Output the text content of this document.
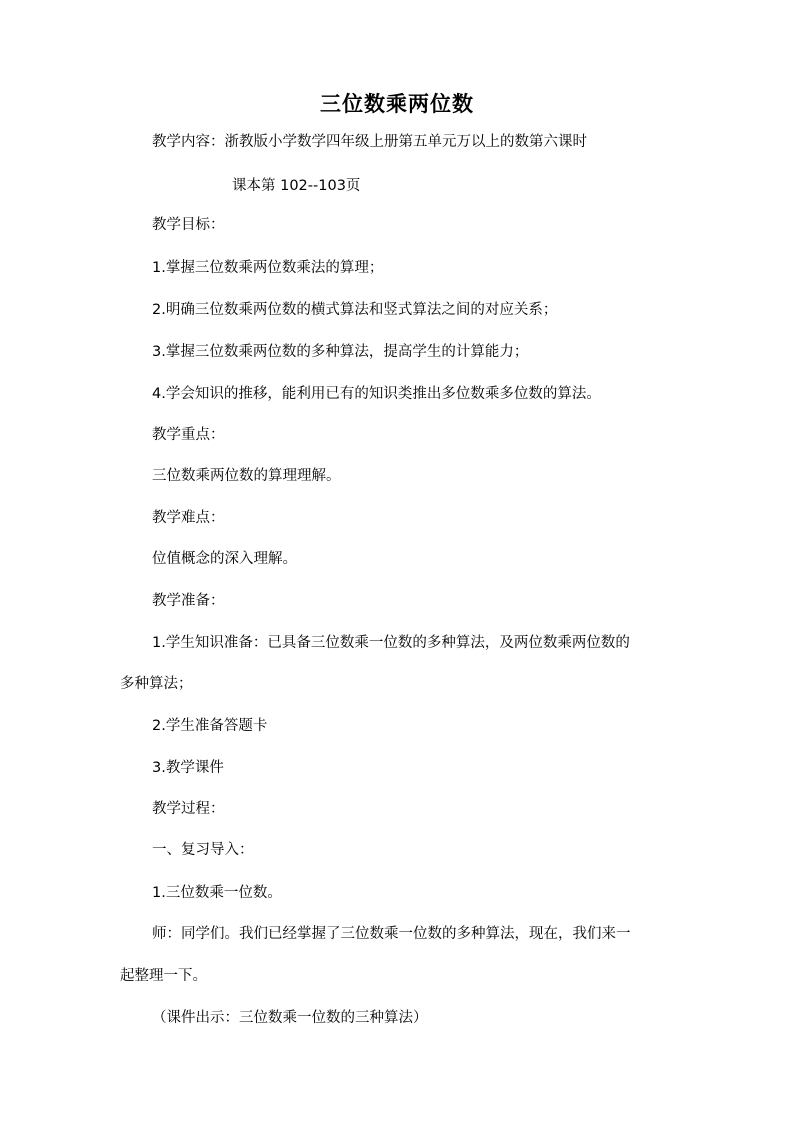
三位数乘两位数
教学内容：浙教版小学数学四年级上册第五单元万以上的数第六课时
课本第 102--103页
教学目标：
1.掌握三位数乘两位数乘法的算理；
2.明确三位数乘两位数的横式算法和竖式算法之间的对应关系；
3.掌握三位数乘两位数的多种算法，提高学生的计算能力；
4.学会知识的推移，能利用已有的知识类推出多位数乘多位数的算法。
教学重点：
三位数乘两位数的算理理解。
教学难点：
位值概念的深入理解。
教学准备：
1.学生知识准备：已具备三位数乘一位数的多种算法，及两位数乘两位数的
多种算法；
2.学生准备答题卡
3.教学课件
教学过程：
一、复习导入：
1.三位数乘一位数。
师：同学们。我们已经掌握了三位数乘一位数的多种算法，现在，我们来一
起整理一下。
（课件出示：三位数乘一位数的三种算法）
